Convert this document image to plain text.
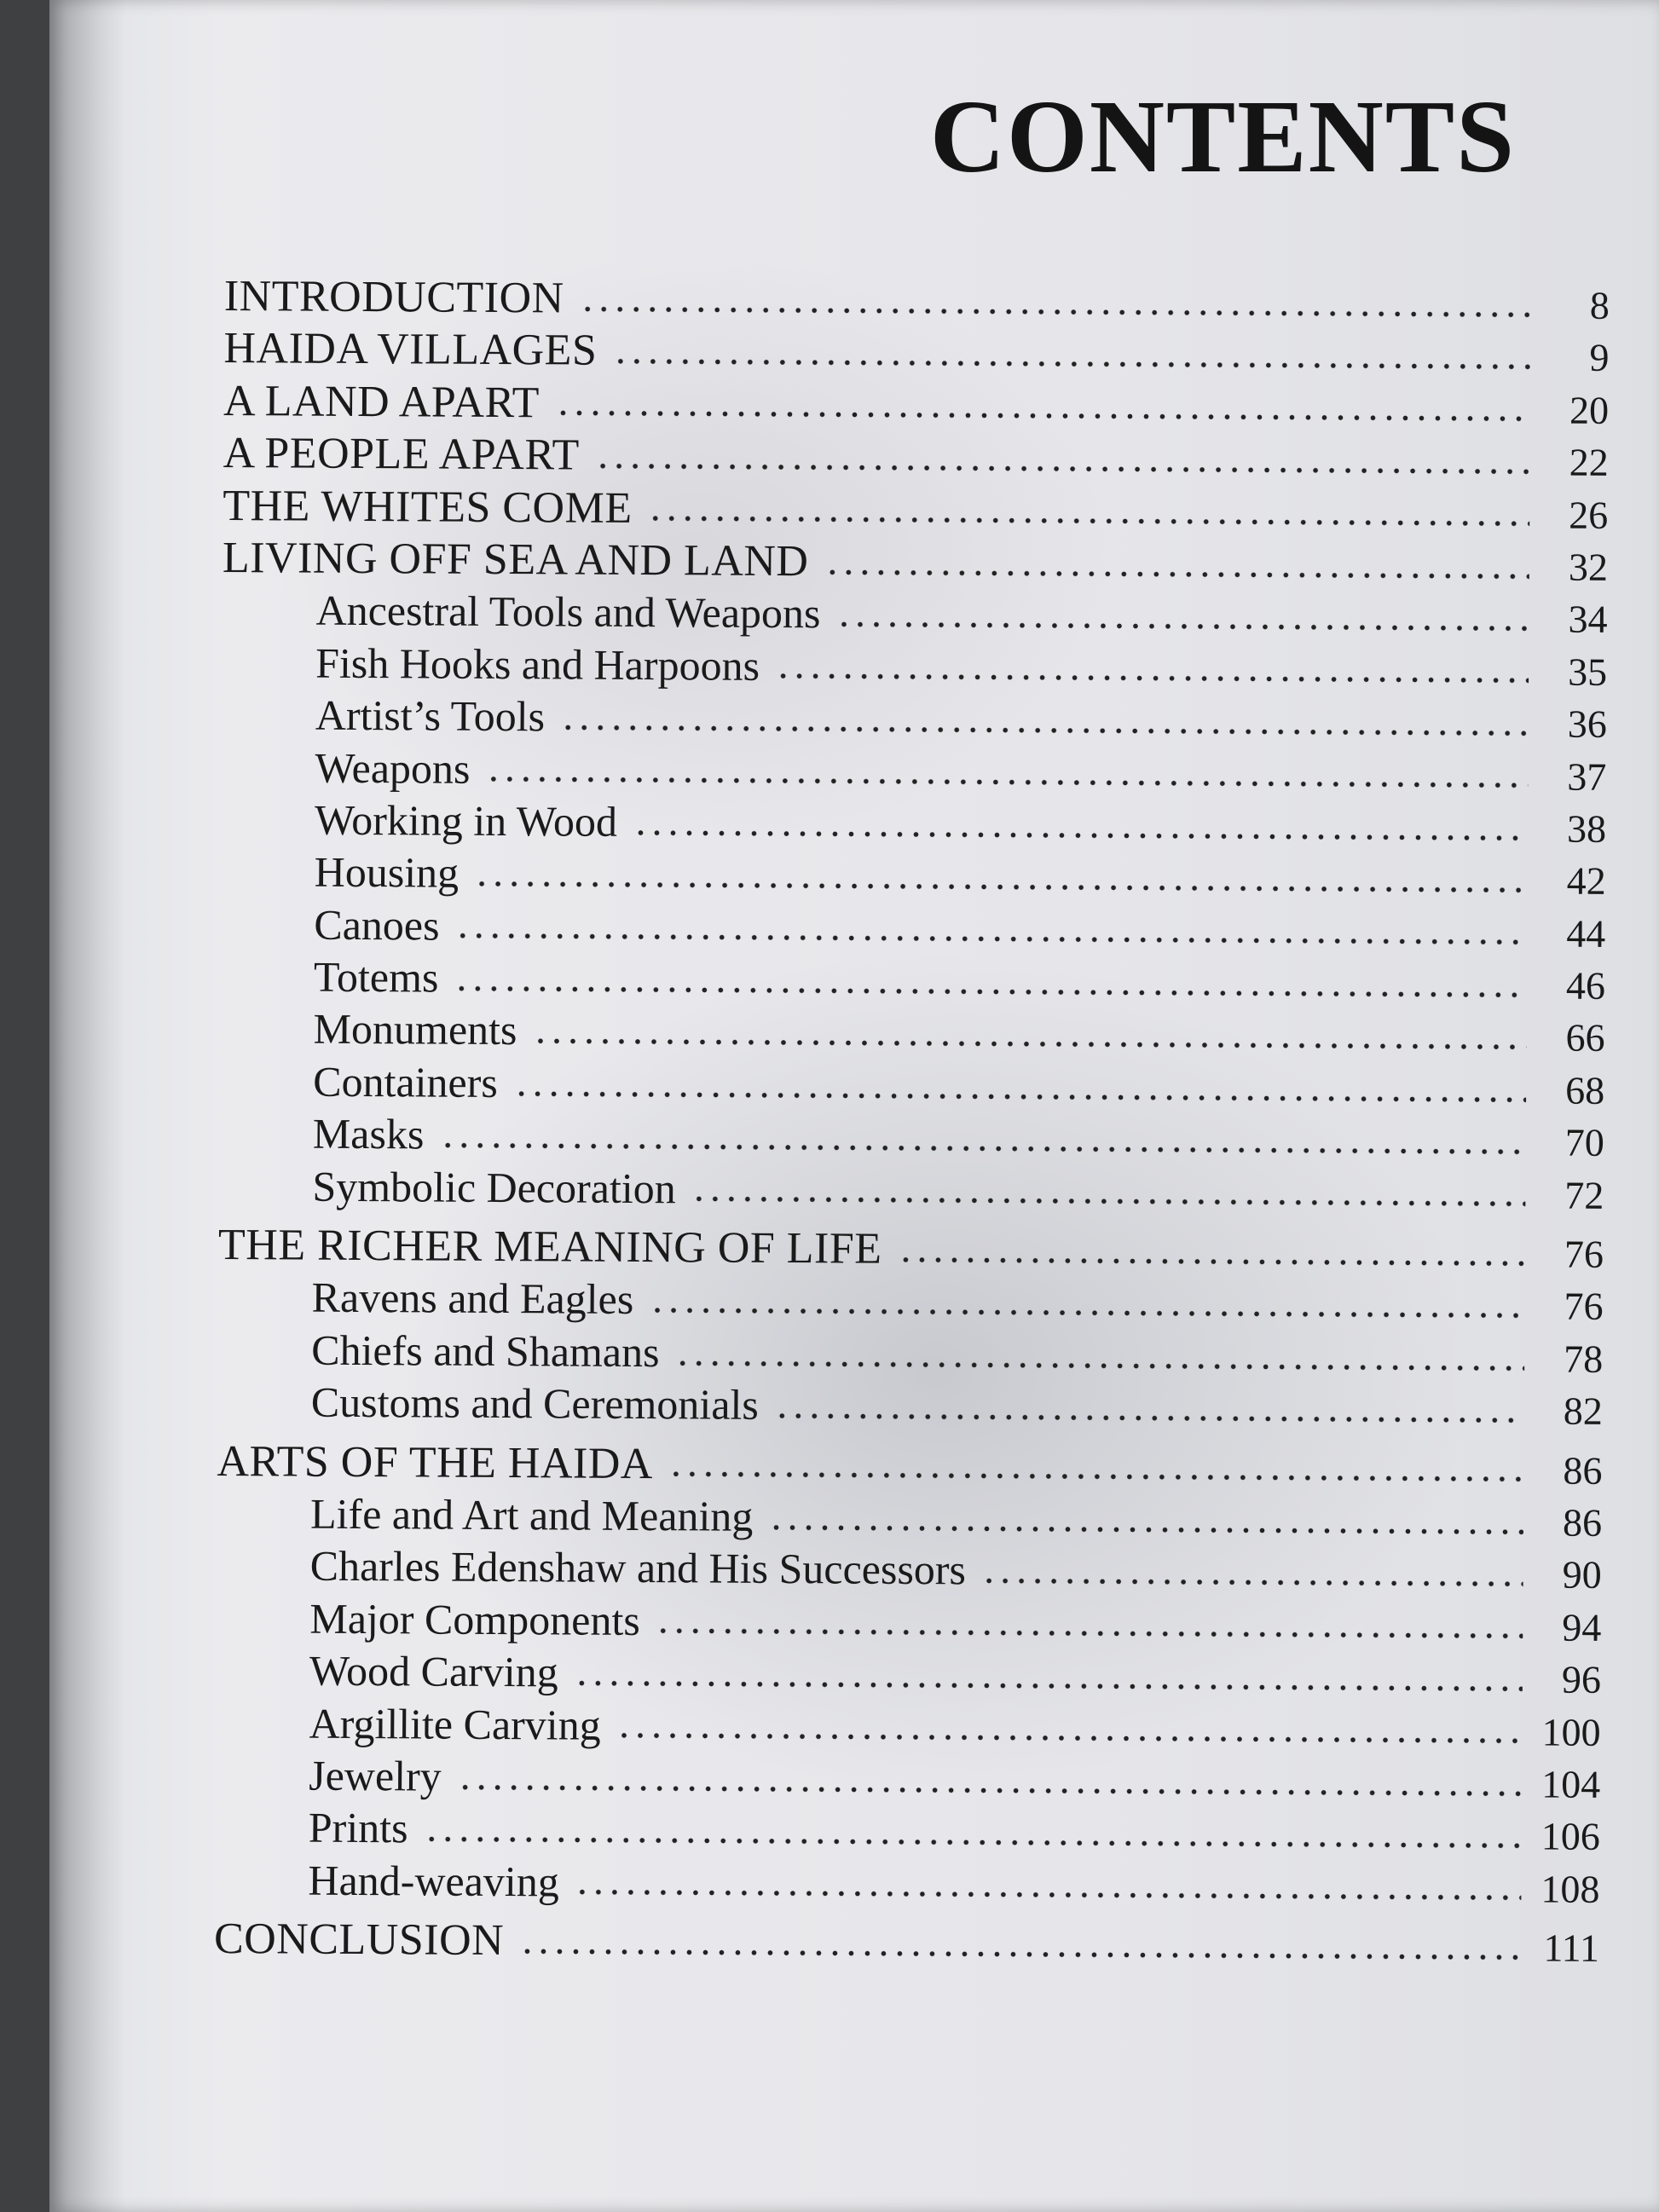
CONTENTS
INTRODUCTION	8
HAIDA VILLAGES	9
A LAND APART	20
A PEOPLE APART	22
THE WHITES COME	26
LIVING OFF SEA AND LAND	32
Ancestral Tools and Weapons	34
Fish Hooks and Harpoons	35
Artist’s Tools	36
Weapons	37
Working in Wood	38
Housing	42
Canoes	44
Totems	46
Monuments	66
Containers	68
Masks	70
Symbolic Decoration	72
THE RICHER MEANING OF LIFE	76
Ravens and Eagles	76
Chiefs and Shamans	78
Customs and Ceremonials	82
ARTS OF THE HAIDA	86
Life and Art and Meaning	86
Charles Edenshaw and His Successors	90
Major Components	94
Wood Carving	96
Argillite Carving	100
Jewelry	104
Prints	106
Hand-weaving	108
CONCLUSION	111
